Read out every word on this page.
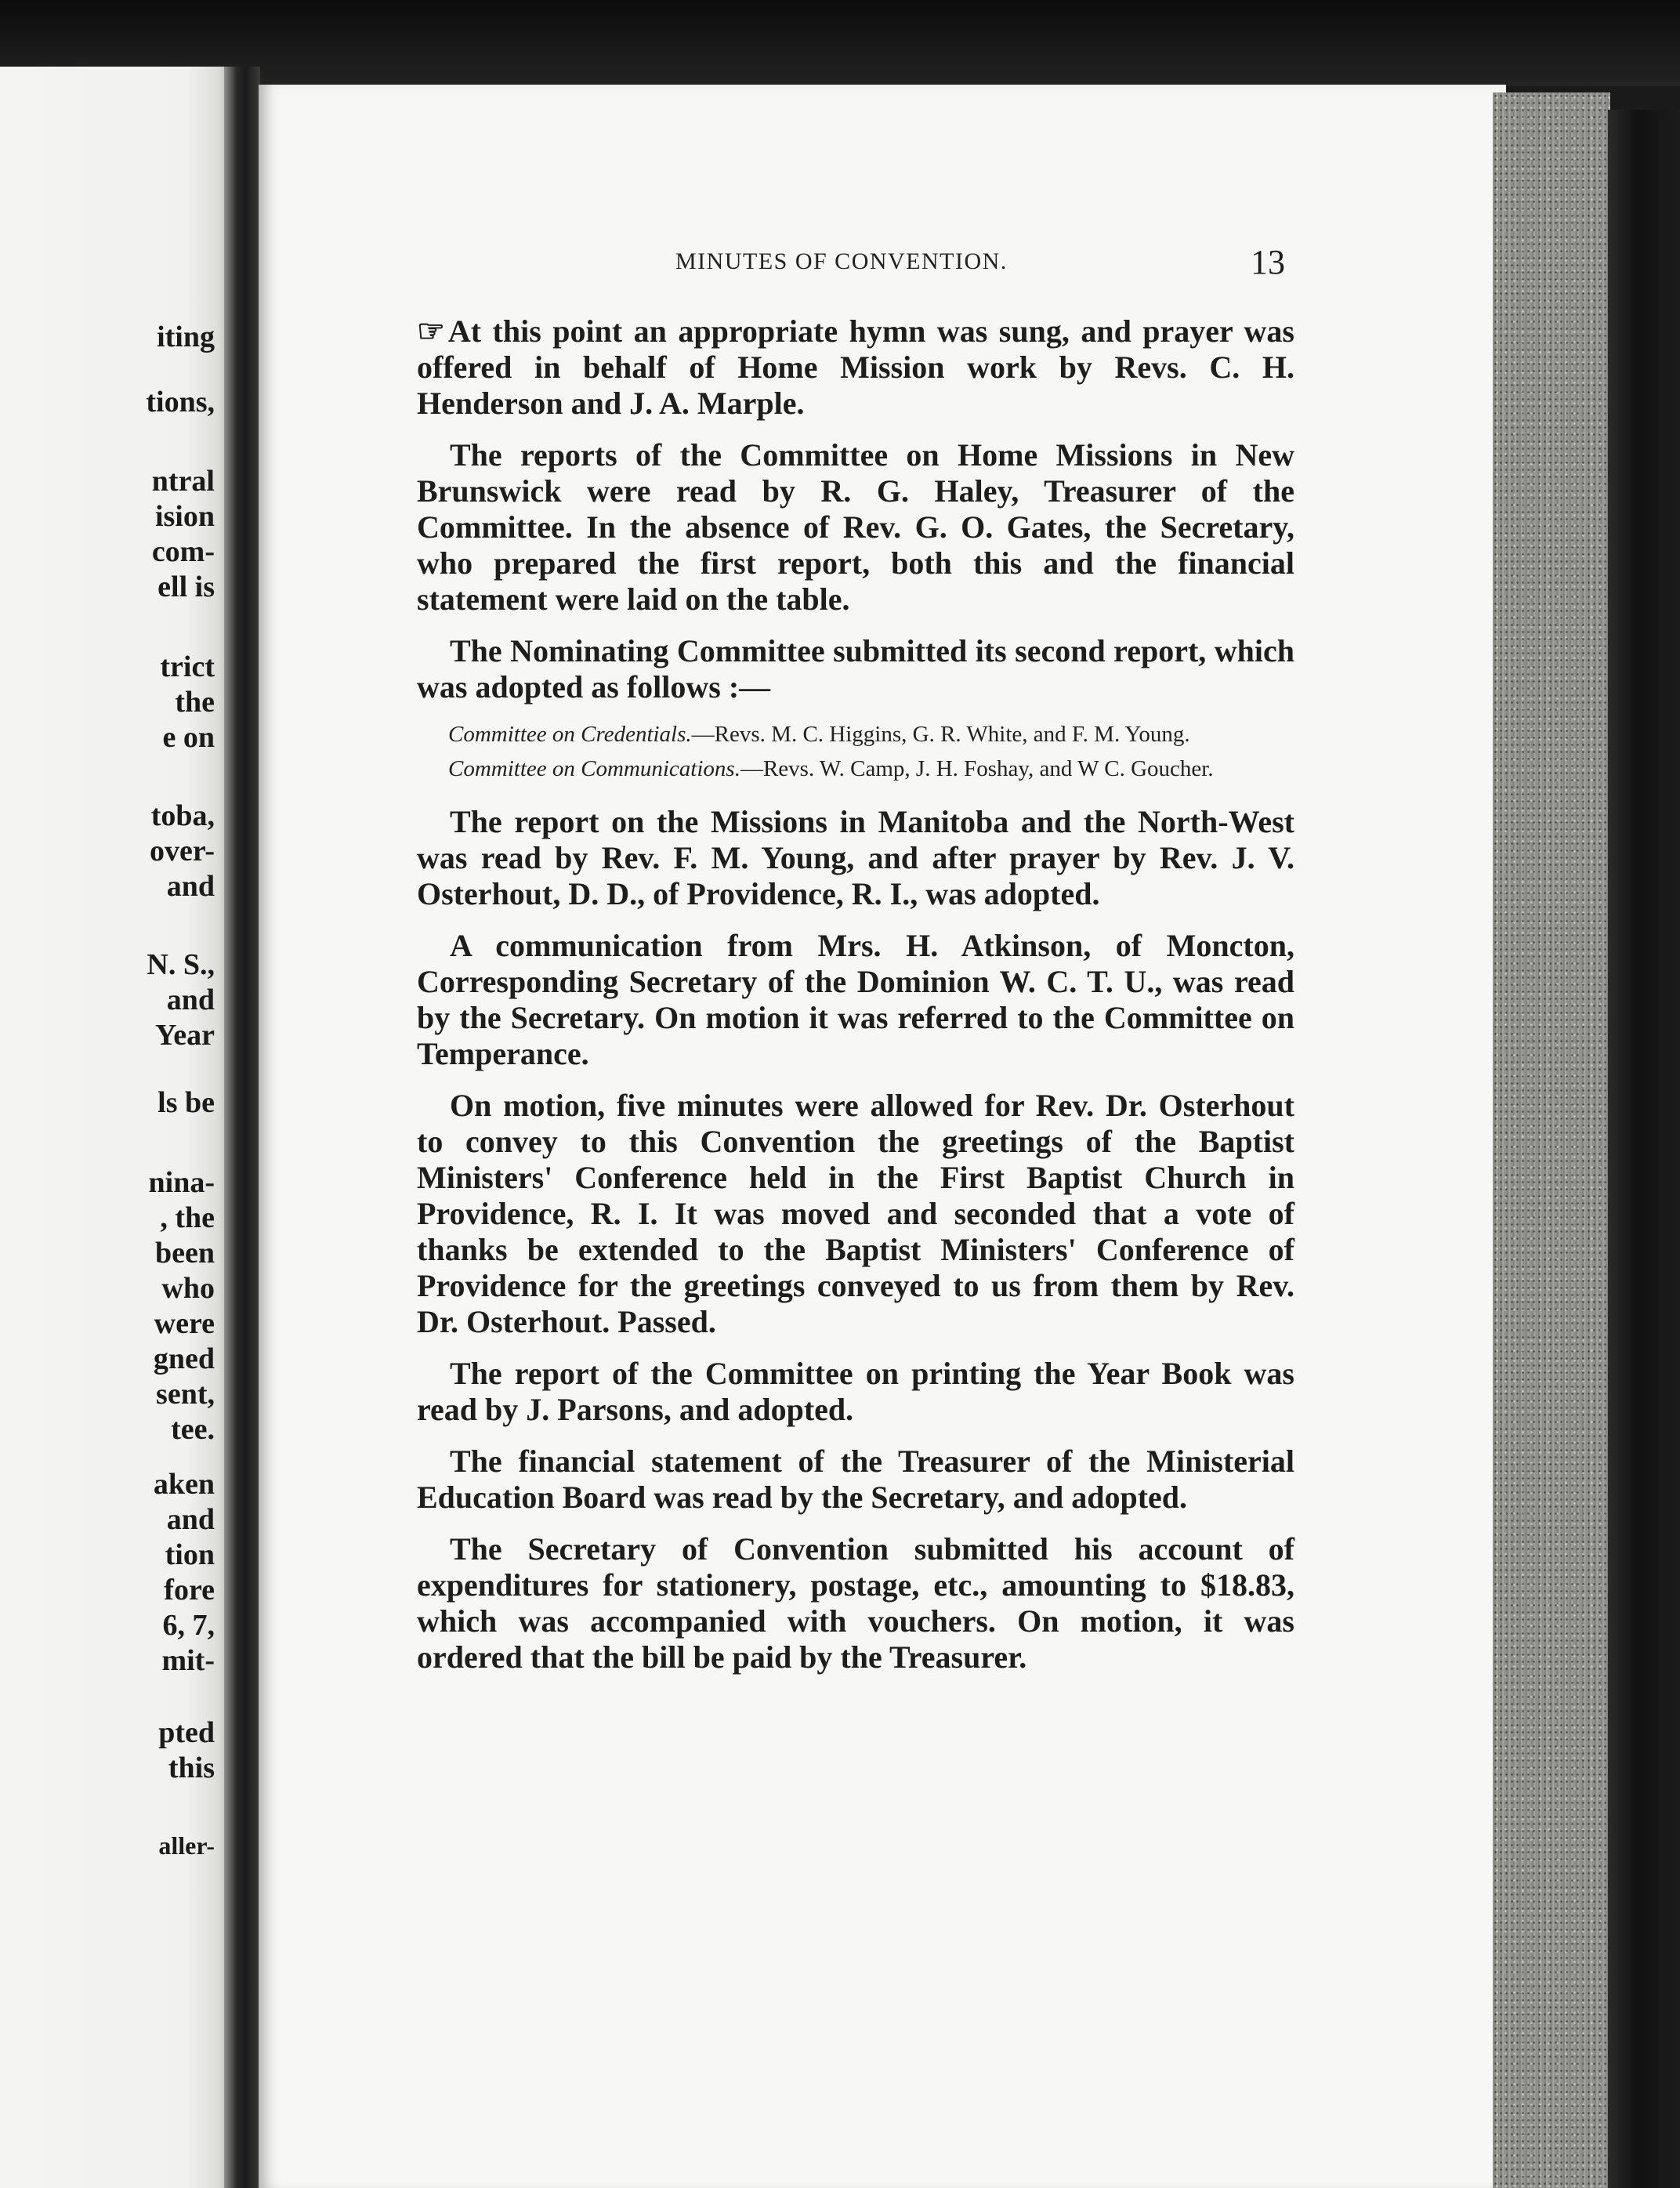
iting

tions,

ntral

ision

com-

ell is

trict

the

e on

toba,

over-

and

N. S.,

and

Year

ls be

nina-

, the

been

who

were

gned

sent,

tee.

aken

and

tion

fore

6, 7,

mit-

pted

this

aller-

MINUTES OF CONVENTION.	13

☞ At this point an appropriate hymn was sung, and prayer was offered in behalf of Home Mission work by Revs. C. H. Henderson and J. A. Marple.

The reports of the Committee on Home Missions in New Brunswick were read by R. G. Haley, Treasurer of the Committee. In the absence of Rev. G. O. Gates, the Secretary, who prepared the first report, both this and the financial statement were laid on the table.

The Nominating Committee submitted its second report, which was adopted as follows :—

Committee on Credentials.—Revs. M. C. Higgins, G. R. White, and F. M. Young.

Committee on Communications.—Revs. W. Camp, J. H. Foshay, and W C. Goucher.

The report on the Missions in Manitoba and the North-West was read by Rev. F. M. Young, and after prayer by Rev. J. V. Osterhout, D. D., of Providence, R. I., was adopted.

A communication from Mrs. H. Atkinson, of Moncton, Corresponding Secretary of the Dominion W. C. T. U., was read by the Secretary. On motion it was referred to the Committee on Temperance.

On motion, five minutes were allowed for Rev. Dr. Osterhout to convey to this Convention the greetings of the Baptist Ministers' Conference held in the First Baptist Church in Providence, R. I. It was moved and seconded that a vote of thanks be extended to the Baptist Ministers' Conference of Providence for the greetings conveyed to us from them by Rev. Dr. Osterhout. Passed.

The report of the Committee on printing the Year Book was read by J. Parsons, and adopted.

The financial statement of the Treasurer of the Ministerial Education Board was read by the Secretary, and adopted.

The Secretary of Convention submitted his account of expenditures for stationery, postage, etc., amounting to $18.83, which was accompanied with vouchers. On motion, it was ordered that the bill be paid by the Treasurer.
